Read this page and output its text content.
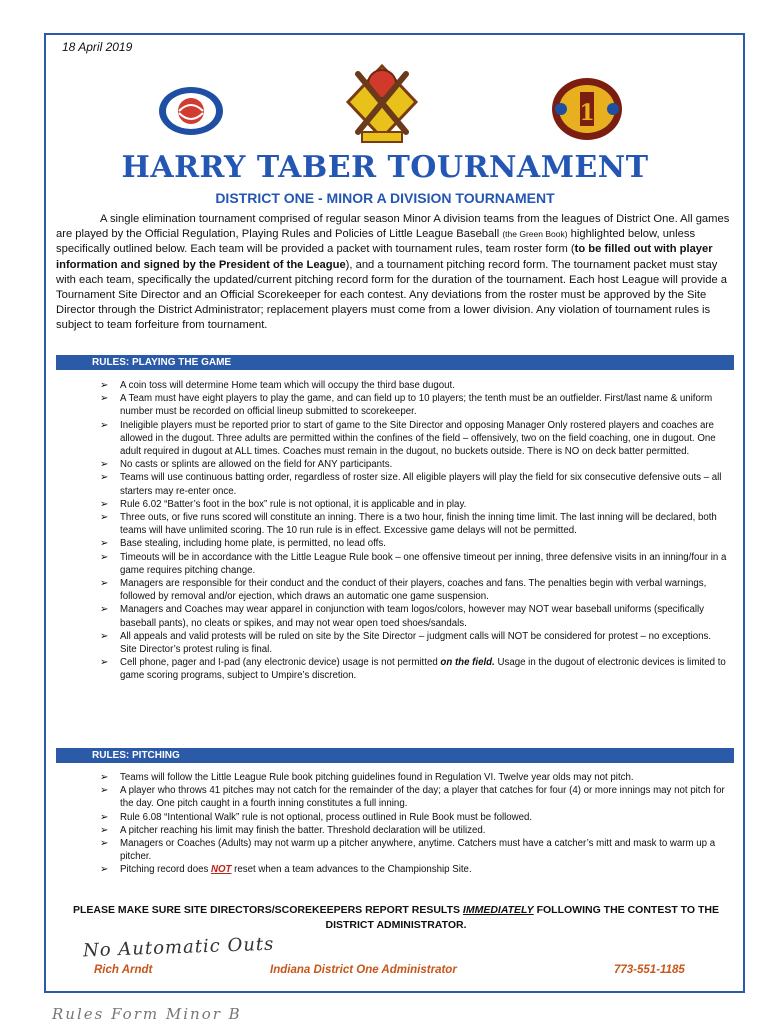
18 April 2019
1
HARRY TABER TOURNAMENT
DISTRICT ONE - MINOR A DIVISION TOURNAMENT

A single elimination tournament comprised of regular season Minor A division teams from the leagues of District One. All games are played by the Official Regulation, Playing Rules and Policies of Little League Baseball (the Green Book) highlighted below, unless specifically outlined below. Each team will be provided a packet with tournament rules, team roster form (to be filled out with player information and signed by the President of the League), and a tournament pitching record form. The tournament packet must stay with each team, specifically the updated/current pitching record form for the duration of the tournament. Each host League will provide a Tournament Site Director and an Official Scorekeeper for each contest. Any deviations from the roster must be approved by the Site Director through the District Administrator; replacement players must come from a lower division. Any violation of tournament rules is subject to team forfeiture from tournament.

RULES: PLAYING THE GAME
➢ A coin toss will determine Home team which will occupy the third base dugout.
➢ A Team must have eight players to play the game, and can field up to 10 players; the tenth must be an outfielder. First/last name & uniform number must be recorded on official lineup submitted to scorekeeper.
➢ Ineligible players must be reported prior to start of game to the Site Director and opposing Manager Only rostered players and coaches are allowed in the dugout. Three adults are permitted within the confines of the field – offensively, two on the field coaching, one in dugout. One adult required in dugout at ALL times. Coaches must remain in the dugout, no buckets outside. There is NO on deck batter permitted.
➢ No casts or splints are allowed on the field for ANY participants.
➢ Teams will use continuous batting order, regardless of roster size. All eligible players will play the field for six consecutive defensive outs – all starters may re-enter once.
➢ Rule 6.02 “Batter’s foot in the box” rule is not optional, it is applicable and in play.
➢ Three outs, or five runs scored will constitute an inning. There is a two hour, finish the inning time limit. The last inning will be declared, both teams will have unlimited scoring. The 10 run rule is in effect. Excessive game delays will not be permitted.
➢ Base stealing, including home plate, is permitted, no lead offs.
➢ Timeouts will be in accordance with the Little League Rule book – one offensive timeout per inning, three defensive visits in an inning/four in a game requires pitching change.
➢ Managers are responsible for their conduct and the conduct of their players, coaches and fans. The penalties begin with verbal warnings, followed by removal and/or ejection, which draws an automatic one game suspension.
➢ Managers and Coaches may wear apparel in conjunction with team logos/colors, however may NOT wear baseball uniforms (specifically baseball pants), no cleats or spikes, and may not wear open toed shoes/sandals.
➢ All appeals and valid protests will be ruled on site by the Site Director – judgment calls will NOT be considered for protest – no exceptions. Site Director’s protest ruling is final.
➢ Cell phone, pager and I-pad (any electronic device) usage is not permitted on the field. Usage in the dugout of electronic devices is limited to game scoring programs, subject to Umpire’s discretion.
RULES: PITCHING
➢ Teams will follow the Little League Rule book pitching guidelines found in Regulation VI. Twelve year olds may not pitch.
➢ A player who throws 41 pitches may not catch for the remainder of the day; a player that catches for four (4) or more innings may not pitch for the day. One pitch caught in a fourth inning constitutes a full inning.
➢ Rule 6.08 “Intentional Walk” rule is not optional, process outlined in Rule Book must be followed.
➢ A pitcher reaching his limit may finish the batter. Threshold declaration will be utilized.
➢ Managers or Coaches (Adults) may not warm up a pitcher anywhere, anytime. Catchers must have a catcher’s mitt and mask to warm up a pitcher.
➢ Pitching record does NOT reset when a team advances to the Championship Site.
PLEASE MAKE SURE SITE DIRECTORS/SCOREKEEPERS REPORT RESULTS IMMEDIATELY FOLLOWING THE CONTEST TO THE DISTRICT ADMINISTRATOR.
No Automatic Outs
Rich Arndt	Indiana District One Administrator	773-551-1185
Rules Form Minor B
